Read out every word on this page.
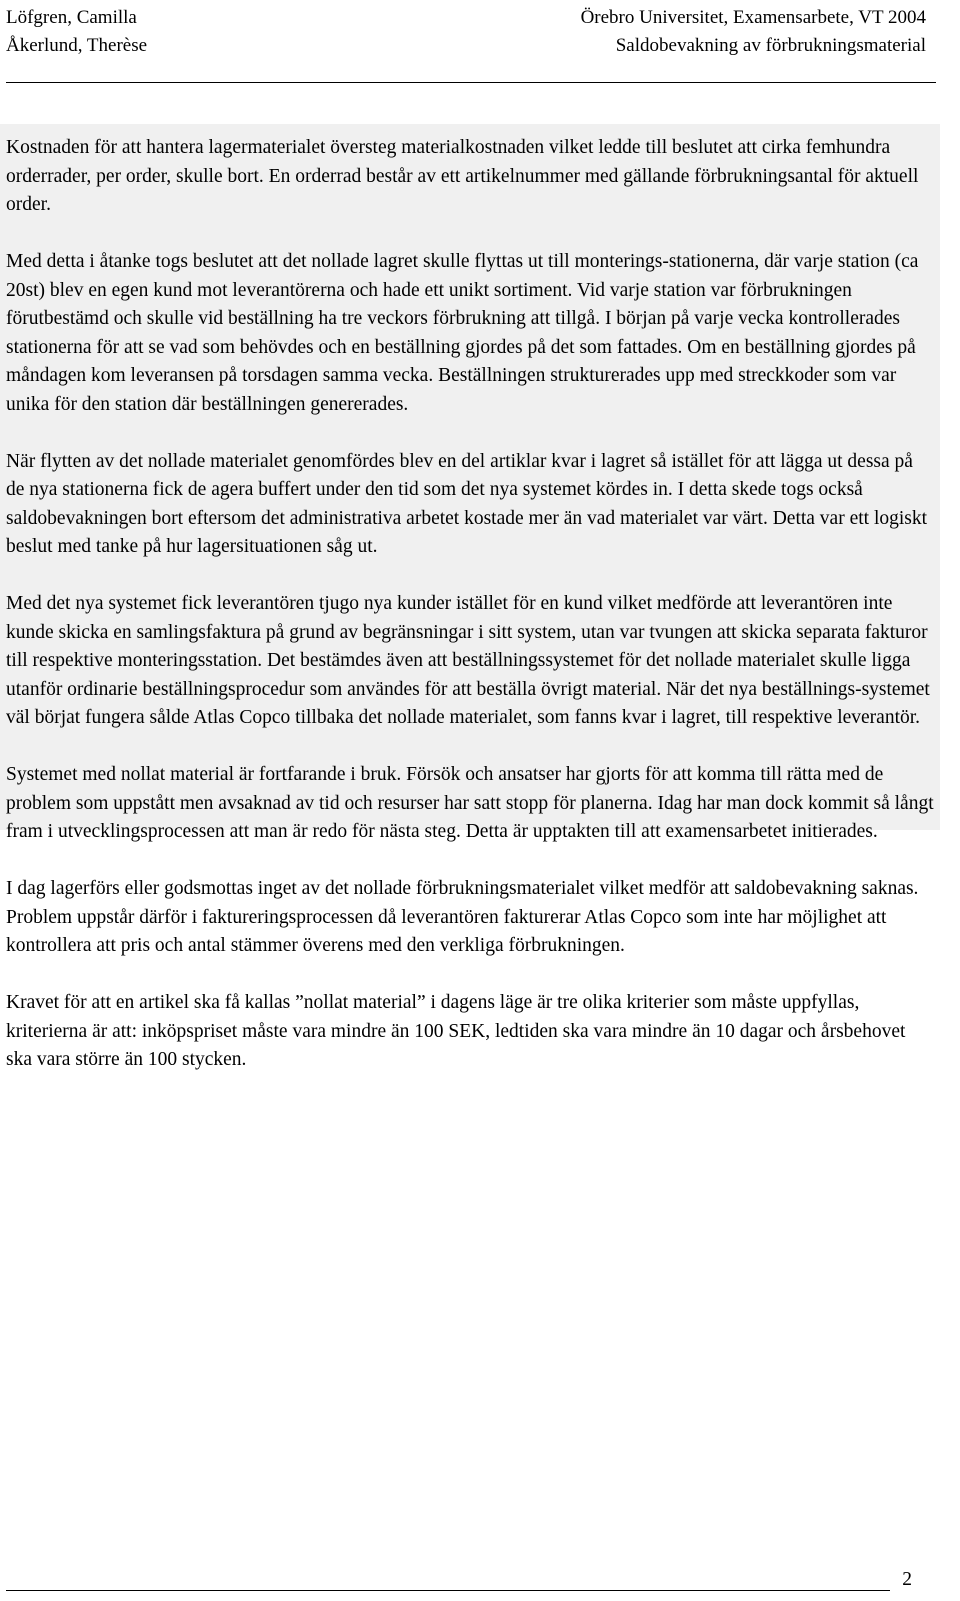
Löfgren, Camilla	Örebro Universitet, Examensarbete, VT 2004
Åkerlund, Therèse	Saldobevakning av förbrukningsmaterial

Kostnaden för att hantera lagermaterialet översteg materialkostnaden vilket ledde till beslutet att cirka femhundra orderrader, per order, skulle bort. En orderrad består av ett artikelnummer med gällande förbrukningsantal för aktuell order.

Med detta i åtanke togs beslutet att det nollade lagret skulle flyttas ut till monterings-stationerna, där varje station (ca 20st) blev en egen kund mot leverantörerna och hade ett unikt sortiment. Vid varje station var förbrukningen förutbestämd och skulle vid beställning ha tre veckors förbrukning att tillgå. I början på varje vecka kontrollerades stationerna för att se vad som behövdes och en beställning gjordes på det som fattades. Om en beställning gjordes på måndagen kom leveransen på torsdagen samma vecka. Beställningen strukturerades upp med streckkoder som var unika för den station där beställningen genererades.

När flytten av det nollade materialet genomfördes blev en del artiklar kvar i lagret så istället för att lägga ut dessa på de nya stationerna fick de agera buffert under den tid som det nya systemet kördes in. I detta skede togs också saldobevakningen bort eftersom det administrativa arbetet kostade mer än vad materialet var värt. Detta var ett logiskt beslut med tanke på hur lagersituationen såg ut.

Med det nya systemet fick leverantören tjugo nya kunder istället för en kund vilket medförde att leverantören inte kunde skicka en samlingsfaktura på grund av begränsningar i sitt system, utan var tvungen att skicka separata fakturor till respektive monteringsstation. Det bestämdes även att beställningssystemet för det nollade materialet skulle ligga utanför ordinarie beställningsprocedur som användes för att beställa övrigt material. När det nya beställnings-systemet väl börjat fungera sålde Atlas Copco tillbaka det nollade materialet, som fanns kvar i lagret, till respektive leverantör.

Systemet med nollat material är fortfarande i bruk. Försök och ansatser har gjorts för att komma till rätta med de problem som uppstått men avsaknad av tid och resurser har satt stopp för planerna. Idag har man dock kommit så långt fram i utvecklingsprocessen att man är redo för nästa steg. Detta är upptakten till att examensarbetet initierades.

I dag lagerförs eller godsmottas inget av det nollade förbrukningsmaterialet vilket medför att saldobevakning saknas. Problem uppstår därför i faktureringsprocessen då leverantören fakturerar Atlas Copco som inte har möjlighet att kontrollera att pris och antal stämmer överens med den verkliga förbrukningen.

Kravet för att en artikel ska få kallas ”nollat material” i dagens läge är tre olika kriterier som måste uppfyllas, kriterierna är att: inköpspriset måste vara mindre än 100 SEK, ledtiden ska vara mindre än 10 dagar och årsbehovet ska vara större än 100 stycken.

2
